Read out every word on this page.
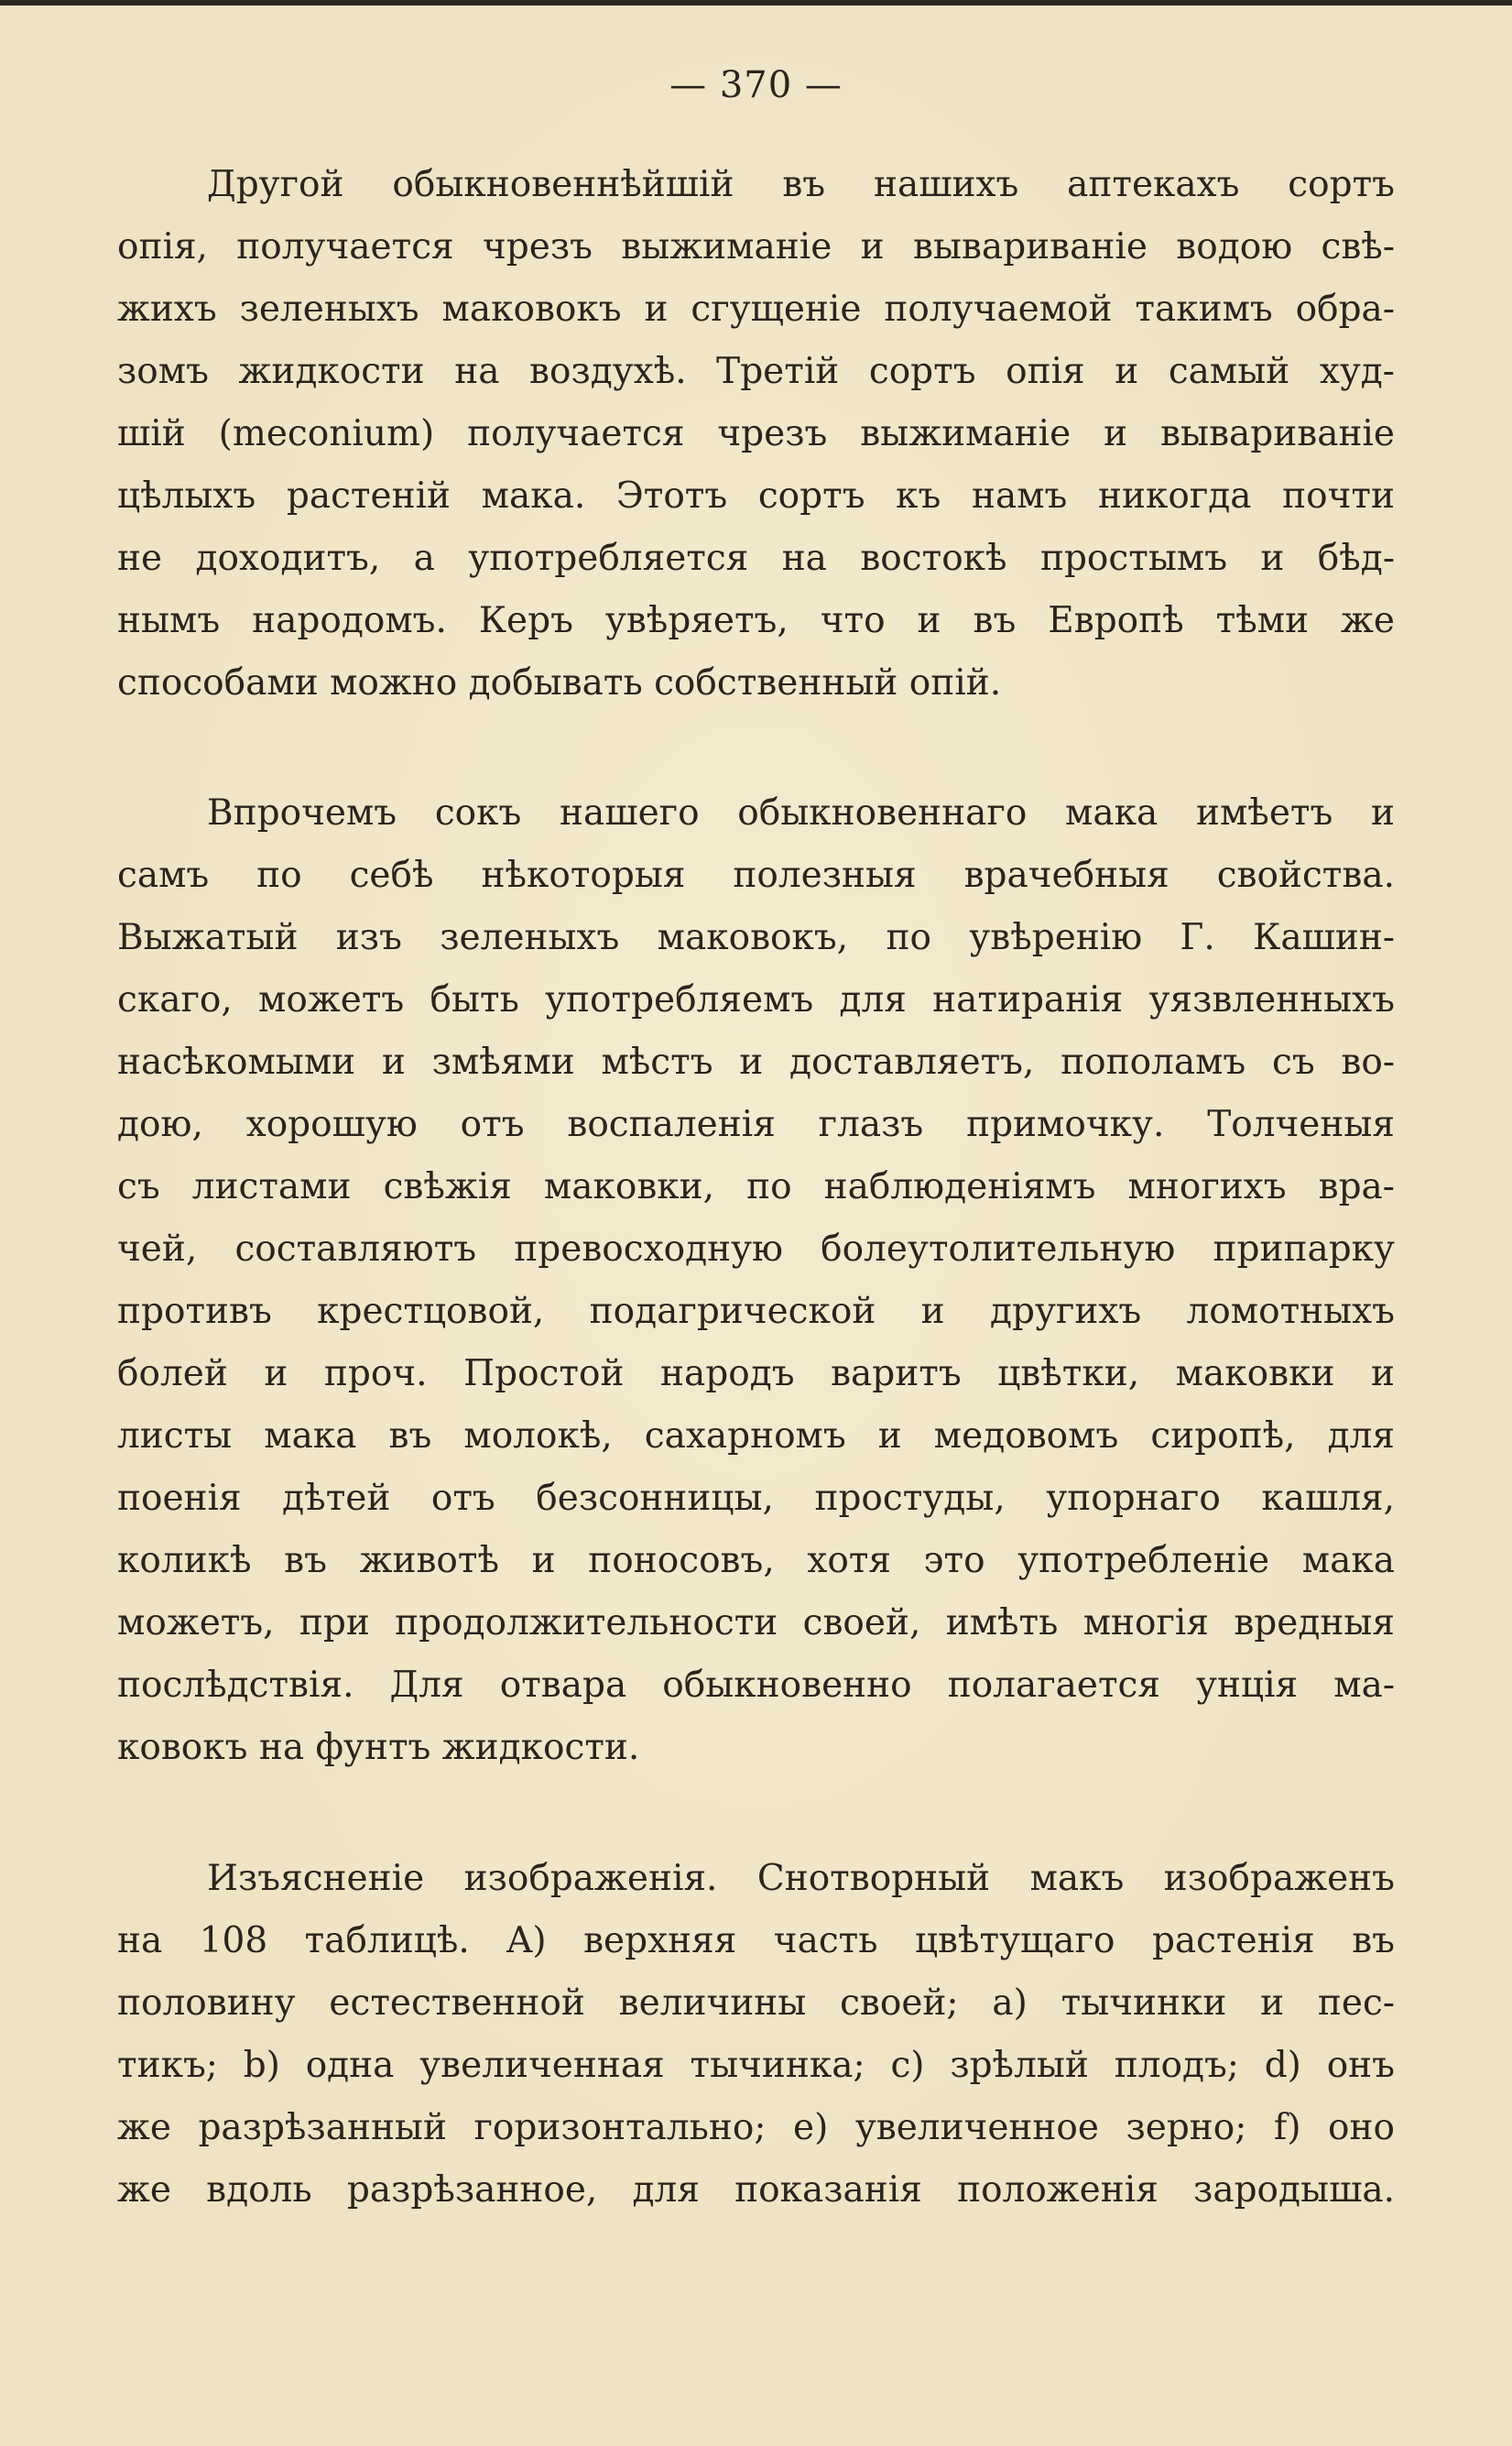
— 370 —
Другой обыкновеннѣйшій въ нашихъ аптекахъ сортъ
опія, получается чрезъ выжиманіе и вывариваніе водою свѣ-
жихъ зеленыхъ маковокъ и сгущеніе получаемой такимъ обра-
зомъ жидкости на воздухѣ. Третій сортъ опія и самый худ-
шій (meconium) получается чрезъ выжиманіе и вывариваніе
цѣлыхъ растеній мака. Этотъ сортъ къ намъ никогда почти
не доходитъ, а употребляется на востокѣ простымъ и бѣд-
нымъ народомъ. Керъ увѣряетъ, что и въ Европѣ тѣми же
способами можно добывать собственный опій.
Впрочемъ сокъ нашего обыкновеннаго мака имѣетъ и
самъ по себѣ нѣкоторыя полезныя врачебныя свойства.
Выжатый изъ зеленыхъ маковокъ, по увѣренію Г. Кашин-
скаго, можетъ быть употребляемъ для натиранія уязвленныхъ
насѣкомыми и змѣями мѣстъ и доставляетъ, пополамъ съ во-
дою, хорошую отъ воспаленія глазъ примочку. Толченыя
съ листами свѣжія маковки, по наблюденіямъ многихъ вра-
чей, составляютъ превосходную болеутолительную припарку
противъ крестцовой, подагрической и другихъ ломотныхъ
болей и проч. Простой народъ варитъ цвѣтки, маковки и
листы мака въ молокѣ, сахарномъ и медовомъ сиропѣ, для
поенія дѣтей отъ безсонницы, простуды, упорнаго кашля,
коликѣ въ животѣ и поносовъ, хотя это употребленіе мака
можетъ, при продолжительности своей, имѣть многія вредныя
послѣдствія. Для отвара обыкновенно полагается унція ма-
ковокъ на фунтъ жидкости.
Изъясненіе изображенія. Снотворный макъ изображенъ
на 108 таблицѣ. A) верхняя часть цвѣтущаго растенія въ
половину естественной величины своей; a) тычинки и пес-
тикъ; b) одна увеличенная тычинка; c) зрѣлый плодъ; d) онъ
же разрѣзанный горизонтально; e) увеличенное зерно; f) оно
же вдоль разрѣзанное, для показанія положенія зародыша.
